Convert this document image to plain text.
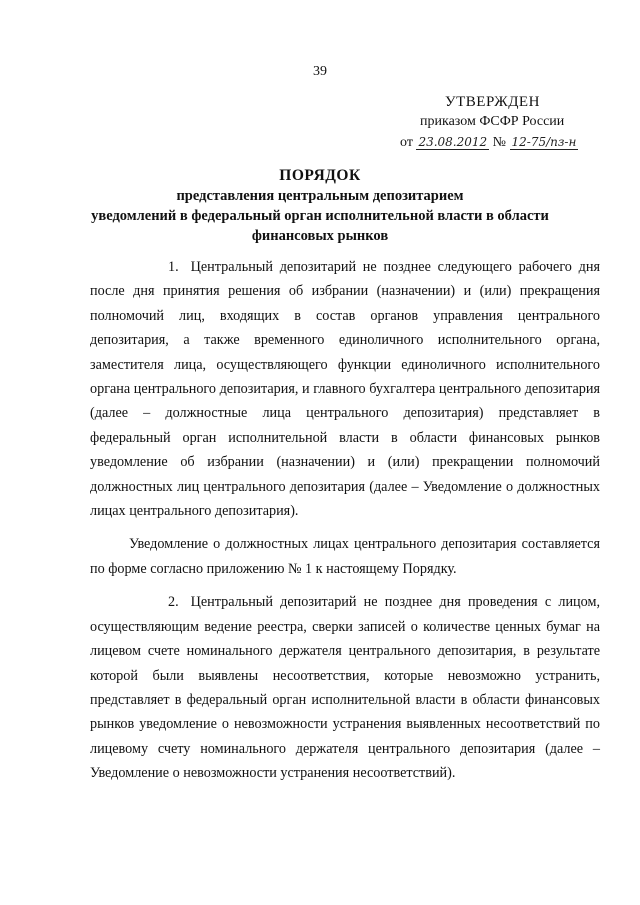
39
УТВЕРЖДЕН
приказом ФСФР России
от 23.08.2012 № 12-75/пз-н
ПОРЯДОК
представления центральным депозитарием
уведомлений в федеральный орган исполнительной власти в области
финансовых рынков

1. Центральный депозитарий не позднее следующего рабочего дня после дня принятия решения об избрании (назначении) и (или) прекращения полномочий лиц, входящих в состав органов управления центрального депозитария, а также временного единоличного исполнительного органа, заместителя лица, осуществляющего функции единоличного исполнительного органа центрального депозитария, и главного бухгалтера центрального депозитария (далее – должностные лица центрального депозитария) представляет в федеральный орган исполнительной власти в области финансовых рынков уведомление об избрании (назначении) и (или) прекращении полномочий должностных лиц центрального депозитария (далее – Уведомление о должностных лицах центрального депозитария).

Уведомление о должностных лицах центрального депозитария составляется по форме согласно приложению № 1 к настоящему Порядку.

2. Центральный депозитарий не позднее дня проведения с лицом, осуществляющим ведение реестра, сверки записей о количестве ценных бумаг на лицевом счете номинального держателя центрального депозитария, в результате которой были выявлены несоответствия, которые невозможно устранить, представляет в федеральный орган исполнительной власти в области финансовых рынков уведомление о невозможности устранения выявленных несоответствий по лицевому счету номинального держателя центрального депозитария (далее – Уведомление о невозможности устранения несоответствий).
